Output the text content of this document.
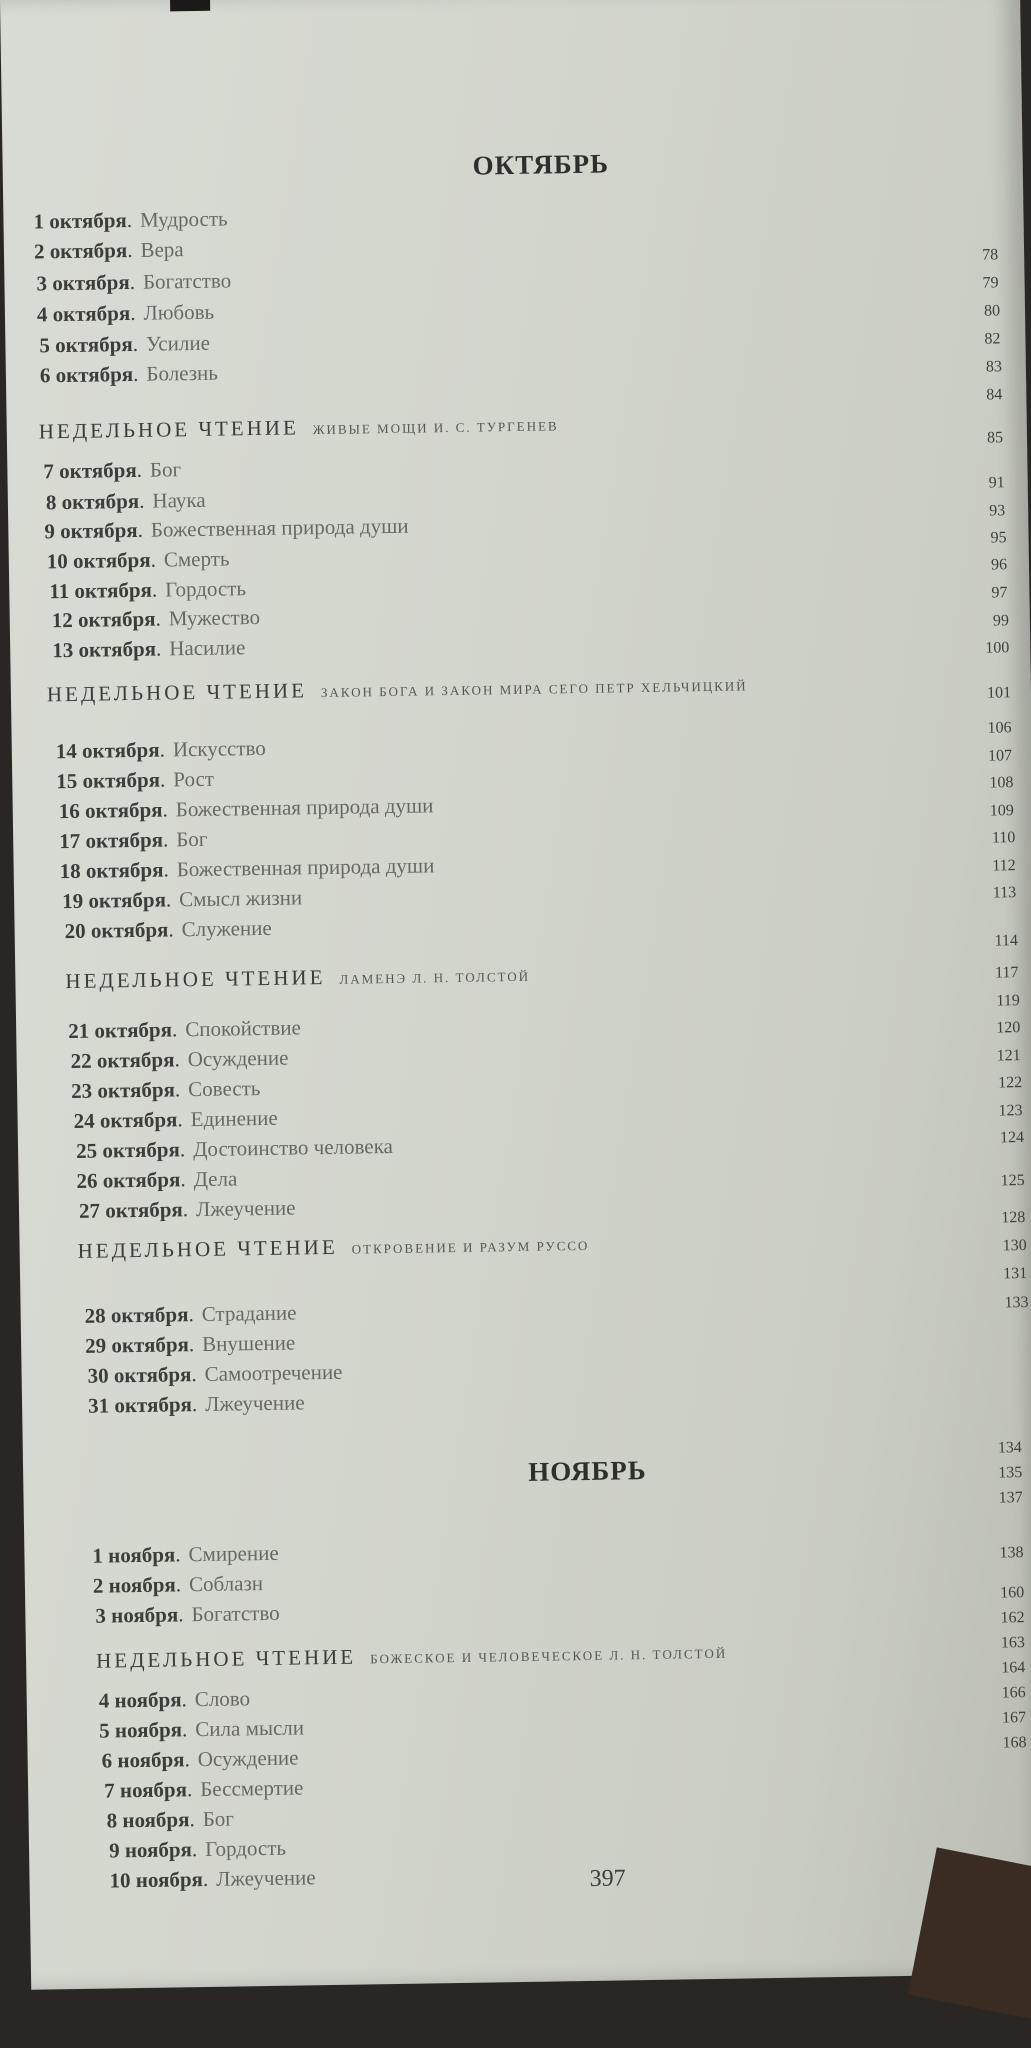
ОКТЯБРЬ
1 октября. Мудрость
2 октября. Вера
3 октября. Богатство
4 октября. Любовь
5 октября. Усилие
6 октября. Болезнь
НЕДЕЛЬНОЕ ЧТЕНИЕ ЖИВЫЕ МОЩИ И. С. ТУРГЕНЕВ
7 октября. Бог
8 октября. Наука
9 октября. Божественная природа души
10 октября. Смерть
11 октября. Гордость
12 октября. Мужество
13 октября. Насилие
НЕДЕЛЬНОЕ ЧТЕНИЕ ЗАКОН БОГА И ЗАКОН МИРА СЕГО ПЕТР ХЕЛЬЧИЦКИЙ
14 октября. Искусство
15 октября. Рост
16 октября. Божественная природа души
17 октября. Бог
18 октября. Божественная природа души
19 октября. Смысл жизни
20 октября. Служение
НЕДЕЛЬНОЕ ЧТЕНИЕ ЛАМЕНЭ Л. Н. ТОЛСТОЙ
21 октября. Спокойствие
22 октября. Осуждение
23 октября. Совесть
24 октября. Единение
25 октября. Достоинство человека
26 октября. Дела
27 октября. Лжеучение
НЕДЕЛЬНОЕ ЧТЕНИЕ ОТКРОВЕНИЕ И РАЗУМ РУССО
28 октября. Страдание
29 октября. Внушение
30 октября. Самоотречение
31 октября. Лжеучение
78
79
80
82
83
84
85
91
93
95
96
97
99
100
101
106
107
108
109
110
112
113
114
117
119
120
121
122
123
124
125
128
130
131
133
НОЯБРЬ
1 ноября. Смирение
2 ноября. Соблазн
3 ноября. Богатство
НЕДЕЛЬНОЕ ЧТЕНИЕ БОЖЕСКОЕ И ЧЕЛОВЕЧЕСКОЕ Л. Н. ТОЛСТОЙ
4 ноября. Слово
5 ноября. Сила мысли
6 ноября. Осуждение
7 ноября. Бессмертие
8 ноября. Бог
9 ноября. Гордость
10 ноября. Лжеучение
134
135
137
138
160
162
163
164
166
167
168
397
